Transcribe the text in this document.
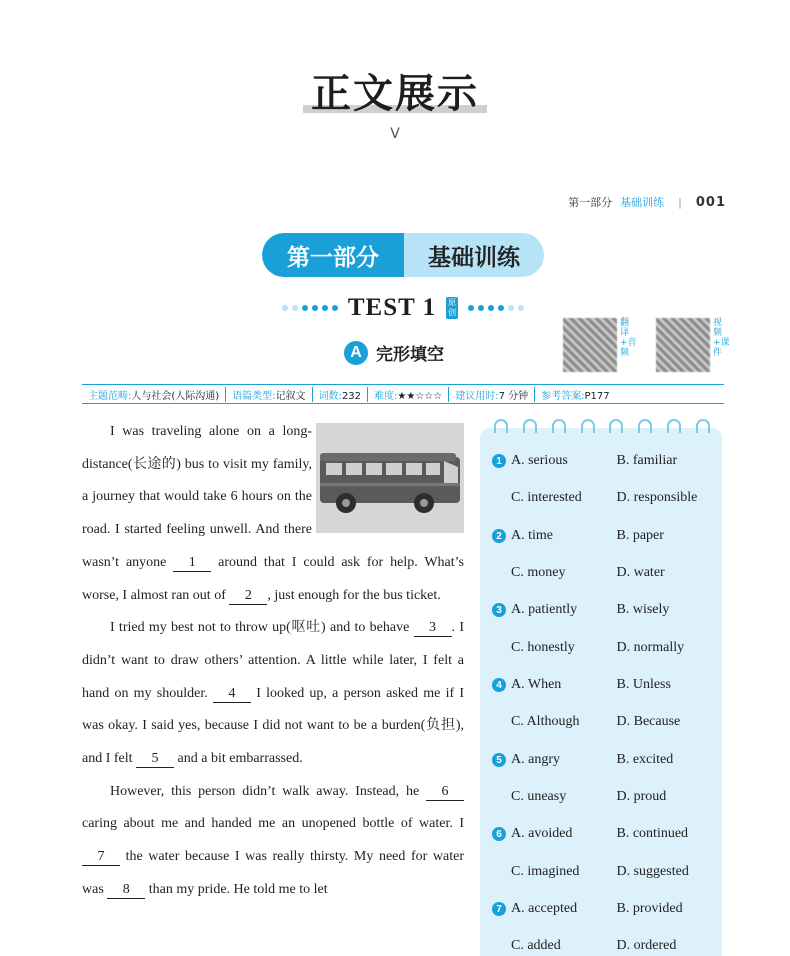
正文展示
V
第一部分 基础训练 | 001
第一部分	基础训练
TEST 1 原
创
A 完形填空
翻译+音频
视频+课件
主题范畴:人与社会(人际沟通)	语篇类型:记叙文	词数:232	难度:★★☆☆☆	建议用时:7 分钟	参考答案:P177

I was traveling alone on a long-distance(长途的) bus to visit my family, a journey that would take 6 hours on the road. I started feeling unwell. And there wasn’t anyone 1 around that I could ask for help. What’s worse, I almost ran out of 2 , just enough for the bus ticket.

I tried my best not to throw up(呕吐) and to behave 3 . I didn’t want to draw others’ attention. A little while later, I felt a hand on my shoulder. 4 I looked up, a person asked me if I was okay. I said yes, because I did not want to be a burden(负担), and I felt 5 and a bit embarrassed.

However, this person didn’t walk away. Instead, he 6 caring about me and handed me an unopened bottle of water. I 7 the water because I was really thirsty. My need for water was 8 than my pride. He told me to let

1 A. serious	B. familiar
C. interested	D. responsible
2 A. time	B. paper
C. money	D. water
3 A. patiently	B. wisely
C. honestly	D. normally
4 A. When	B. Unless
C. Although	D. Because
5 A. angry	B. excited
C. uneasy	D. proud
6 A. avoided	B. continued
C. imagined	D. suggested
7 A. accepted	B. provided
C. added	D. ordered
